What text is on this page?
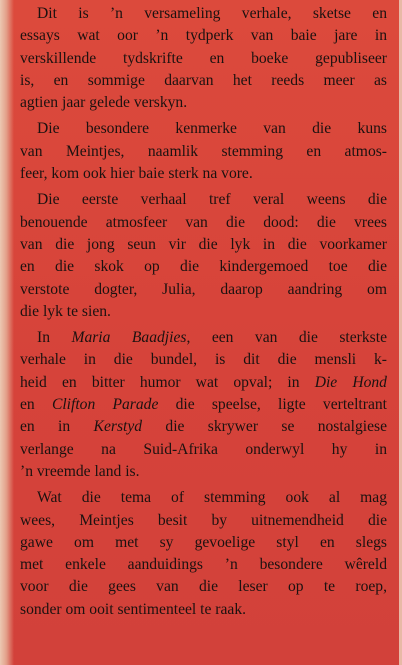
Dit is ’n versameling verhale, sketse en
essays wat oor ’n tydperk van baie jare in
verskillende tydskrifte en boeke gepubliseer
is, en sommige daarvan het reeds meer as
agtien jaar gelede verskyn.
Die besondere kenmerke van die kuns
van Meintjes, naamlik stemming en atmos-
feer, kom ook hier baie sterk na vore.
Die eerste verhaal tref veral weens die
benouende atmosfeer van die dood: die vrees
van die jong seun vir die lyk in die voorkamer
en die skok op die kindergemoed toe die
verstote dogter, Julia, daarop aandring om
die lyk te sien.
In Maria Baadjies, een van die sterkste
verhale in die bundel, is dit die mensli k-
heid en bitter humor wat opval; in Die Hond
en Clifton Parade die speelse, ligte verteltrant
en in Kerstyd die skrywer se nostalgiese
verlange na Suid-Afrika onderwyl hy in
’n vreemde land is.
Wat die tema of stemming ook al mag
wees, Meintjes besit by uitnemendheid die
gawe om met sy gevoelige styl en slegs
met enkele aanduidings ’n besondere wêreld
voor die gees van die leser op te roep,
sonder om ooit sentimenteel te raak.
